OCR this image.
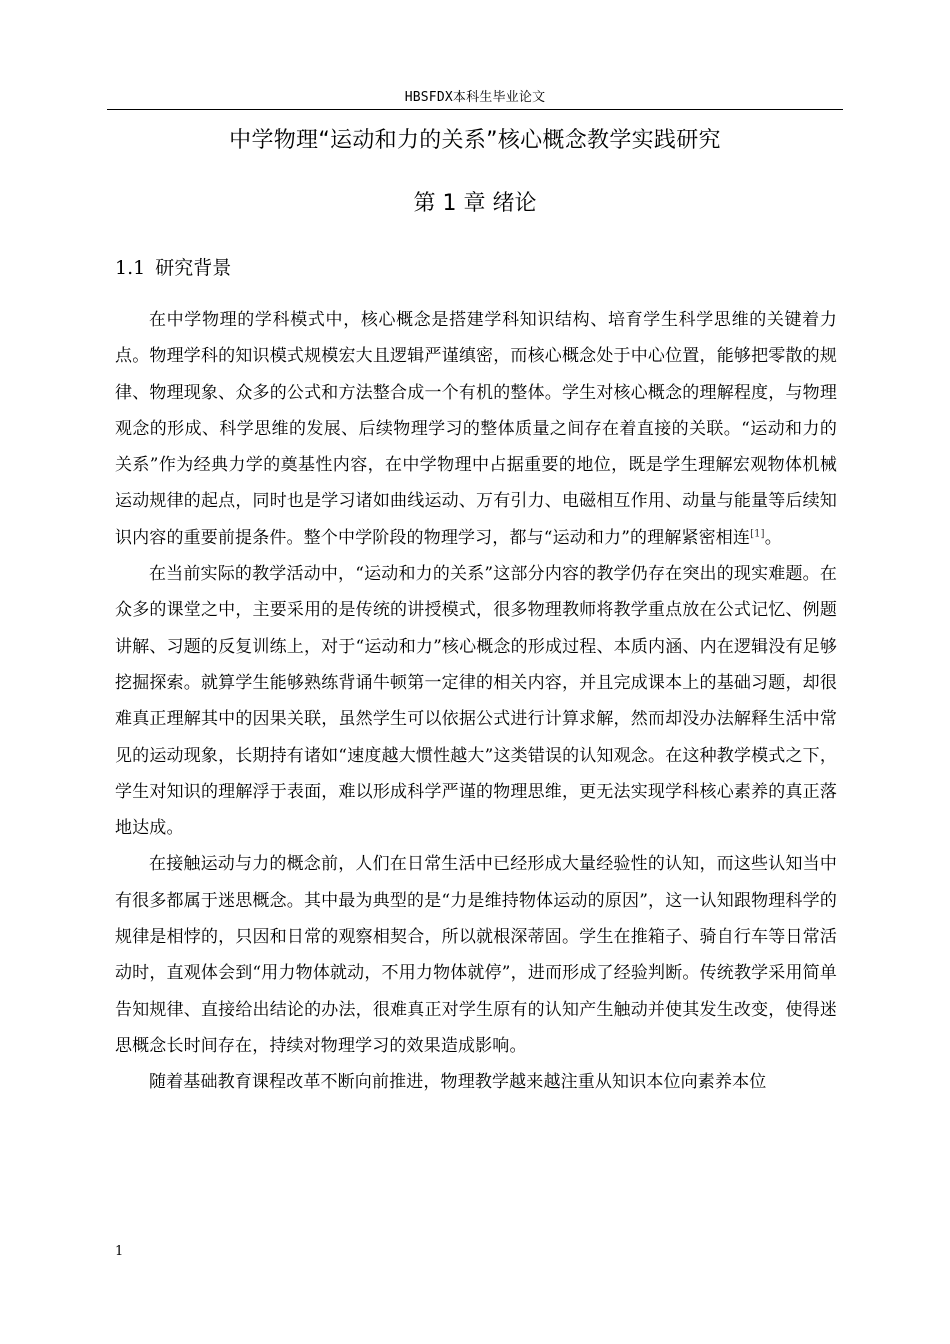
HBSFDX本科生毕业论文
中学物理“运动和力的关系”核心概念教学实践研究
第 1 章 绪论
1.1 研究背景

在中学物理的学科模式中，核心概念是搭建学科知识结构、培育学生科学思维的关键着力点。物理学科的知识模式规模宏大且逻辑严谨缜密，而核心概念处于中心位置，能够把零散的规律、物理现象、众多的公式和方法整合成一个有机的整体。学生对核心概念的理解程度，与物理观念的形成、科学思维的发展、后续物理学习的整体质量之间存在着直接的关联。“运动和力的关系”作为经典力学的奠基性内容，在中学物理中占据重要的地位，既是学生理解宏观物体机械运动规律的起点，同时也是学习诸如曲线运动、万有引力、电磁相互作用、动量与能量等后续知识内容的重要前提条件。整个中学阶段的物理学习，都与“运动和力”的理解紧密相连[1]。

在当前实际的教学活动中，“运动和力的关系”这部分内容的教学仍存在突出的现实难题。在众多的课堂之中，主要采用的是传统的讲授模式，很多物理教师将教学重点放在公式记忆、例题讲解、习题的反复训练上，对于“运动和力”核心概念的形成过程、本质内涵、内在逻辑没有足够挖掘探索。就算学生能够熟练背诵牛顿第一定律的相关内容，并且完成课本上的基础习题，却很难真正理解其中的因果关联，虽然学生可以依据公式进行计算求解，然而却没办法解释生活中常见的运动现象，长期持有诸如“速度越大惯性越大”这类错误的认知观念。在这种教学模式之下，学生对知识的理解浮于表面，难以形成科学严谨的物理思维，更无法实现学科核心素养的真正落地达成。

在接触运动与力的概念前，人们在日常生活中已经形成大量经验性的认知，而这些认知当中有很多都属于迷思概念。其中最为典型的是“力是维持物体运动的原因”，这一认知跟物理科学的规律是相悖的，只因和日常的观察相契合，所以就根深蒂固。学生在推箱子、骑自行车等日常活动时，直观体会到“用力物体就动，不用力物体就停”，进而形成了经验判断。传统教学采用简单告知规律、直接给出结论的办法，很难真正对学生原有的认知产生触动并使其发生改变，使得迷思概念长时间存在，持续对物理学习的效果造成影响。

随着基础教育课程改革不断向前推进，物理教学越来越注重从知识本位向素养本位

1
